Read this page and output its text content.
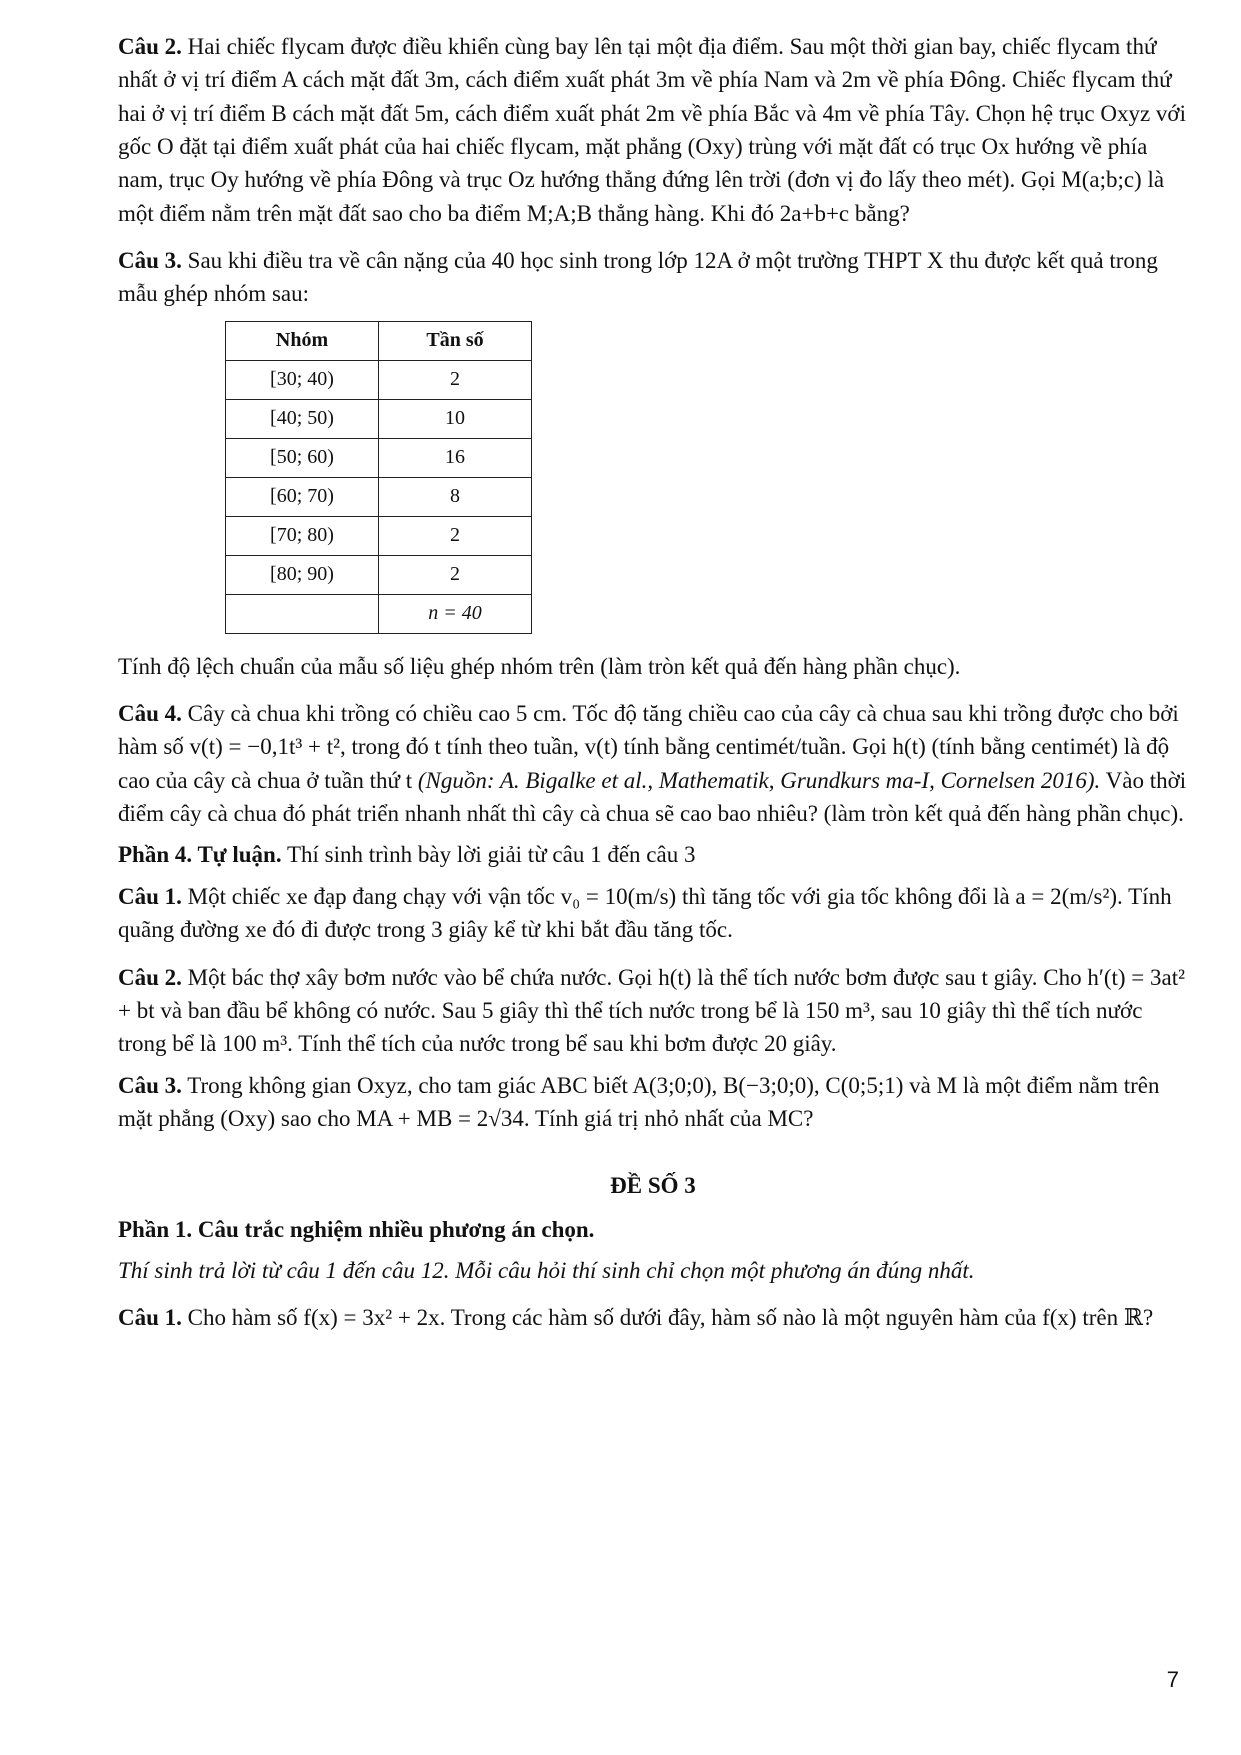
Câu 2. Hai chiếc flycam được điều khiển cùng bay lên tại một địa điểm. Sau một thời gian bay, chiếc flycam thứ nhất ở vị trí điểm A cách mặt đất 3m, cách điểm xuất phát 3m về phía Nam và 2m về phía Đông. Chiếc flycam thứ hai ở vị trí điểm B cách mặt đất 5m, cách điểm xuất phát 2m về phía Bắc và 4m về phía Tây. Chọn hệ trục Oxyz với gốc O đặt tại điểm xuất phát của hai chiếc flycam, mặt phẳng (Oxy) trùng với mặt đất có trục Ox hướng về phía nam, trục Oy hướng về phía Đông và trục Oz hướng thẳng đứng lên trời (đơn vị đo lấy theo mét). Gọi M(a;b;c) là một điểm nằm trên mặt đất sao cho ba điểm M;A;B thẳng hàng. Khi đó 2a+b+c bằng?

Câu 3. Sau khi điều tra về cân nặng của 40 học sinh trong lớp 12A ở một trường THPT X thu được kết quả trong mẫu ghép nhóm sau:

Nhóm	Tần số
[30; 40)	2
[40; 50)	10
[50; 60)	16
[60; 70)	8
[70; 80)	2
[80; 90)	2
	n = 40

Tính độ lệch chuẩn của mẫu số liệu ghép nhóm trên (làm tròn kết quả đến hàng phần chục).

Câu 4. Cây cà chua khi trồng có chiều cao 5 cm. Tốc độ tăng chiều cao của cây cà chua sau khi trồng được cho bởi hàm số v(t) = −0,1t³ + t², trong đó t tính theo tuần, v(t) tính bằng centimét/tuần. Gọi h(t) (tính bằng centimét) là độ cao của cây cà chua ở tuần thứ t (Nguồn: A. Bigalke et al., Mathematik, Grundkurs ma-I, Cornelsen 2016). Vào thời điểm cây cà chua đó phát triển nhanh nhất thì cây cà chua sẽ cao bao nhiêu? (làm tròn kết quả đến hàng phần chục).

Phần 4. Tự luận. Thí sinh trình bày lời giải từ câu 1 đến câu 3

Câu 1. Một chiếc xe đạp đang chạy với vận tốc v₀ = 10(m/s) thì tăng tốc với gia tốc không đổi là a = 2(m/s²). Tính quãng đường xe đó đi được trong 3 giây kể từ khi bắt đầu tăng tốc.

Câu 2. Một bác thợ xây bơm nước vào bể chứa nước. Gọi h(t) là thể tích nước bơm được sau t giây. Cho h′(t) = 3at² + bt và ban đầu bể không có nước. Sau 5 giây thì thể tích nước trong bể là 150 m³, sau 10 giây thì thể tích nước trong bể là 100 m³. Tính thể tích của nước trong bể sau khi bơm được 20 giây.

Câu 3. Trong không gian Oxyz, cho tam giác ABC biết A(3;0;0), B(−3;0;0), C(0;5;1) và M là một điểm nằm trên mặt phẳng (Oxy) sao cho MA + MB = 2√34. Tính giá trị nhỏ nhất của MC?

ĐỀ SỐ 3

Phần 1. Câu trắc nghiệm nhiều phương án chọn.

Thí sinh trả lời từ câu 1 đến câu 12. Mỗi câu hỏi thí sinh chỉ chọn một phương án đúng nhất.

Câu 1. Cho hàm số f(x) = 3x² + 2x. Trong các hàm số dưới đây, hàm số nào là một nguyên hàm của f(x) trên ℝ?

7
